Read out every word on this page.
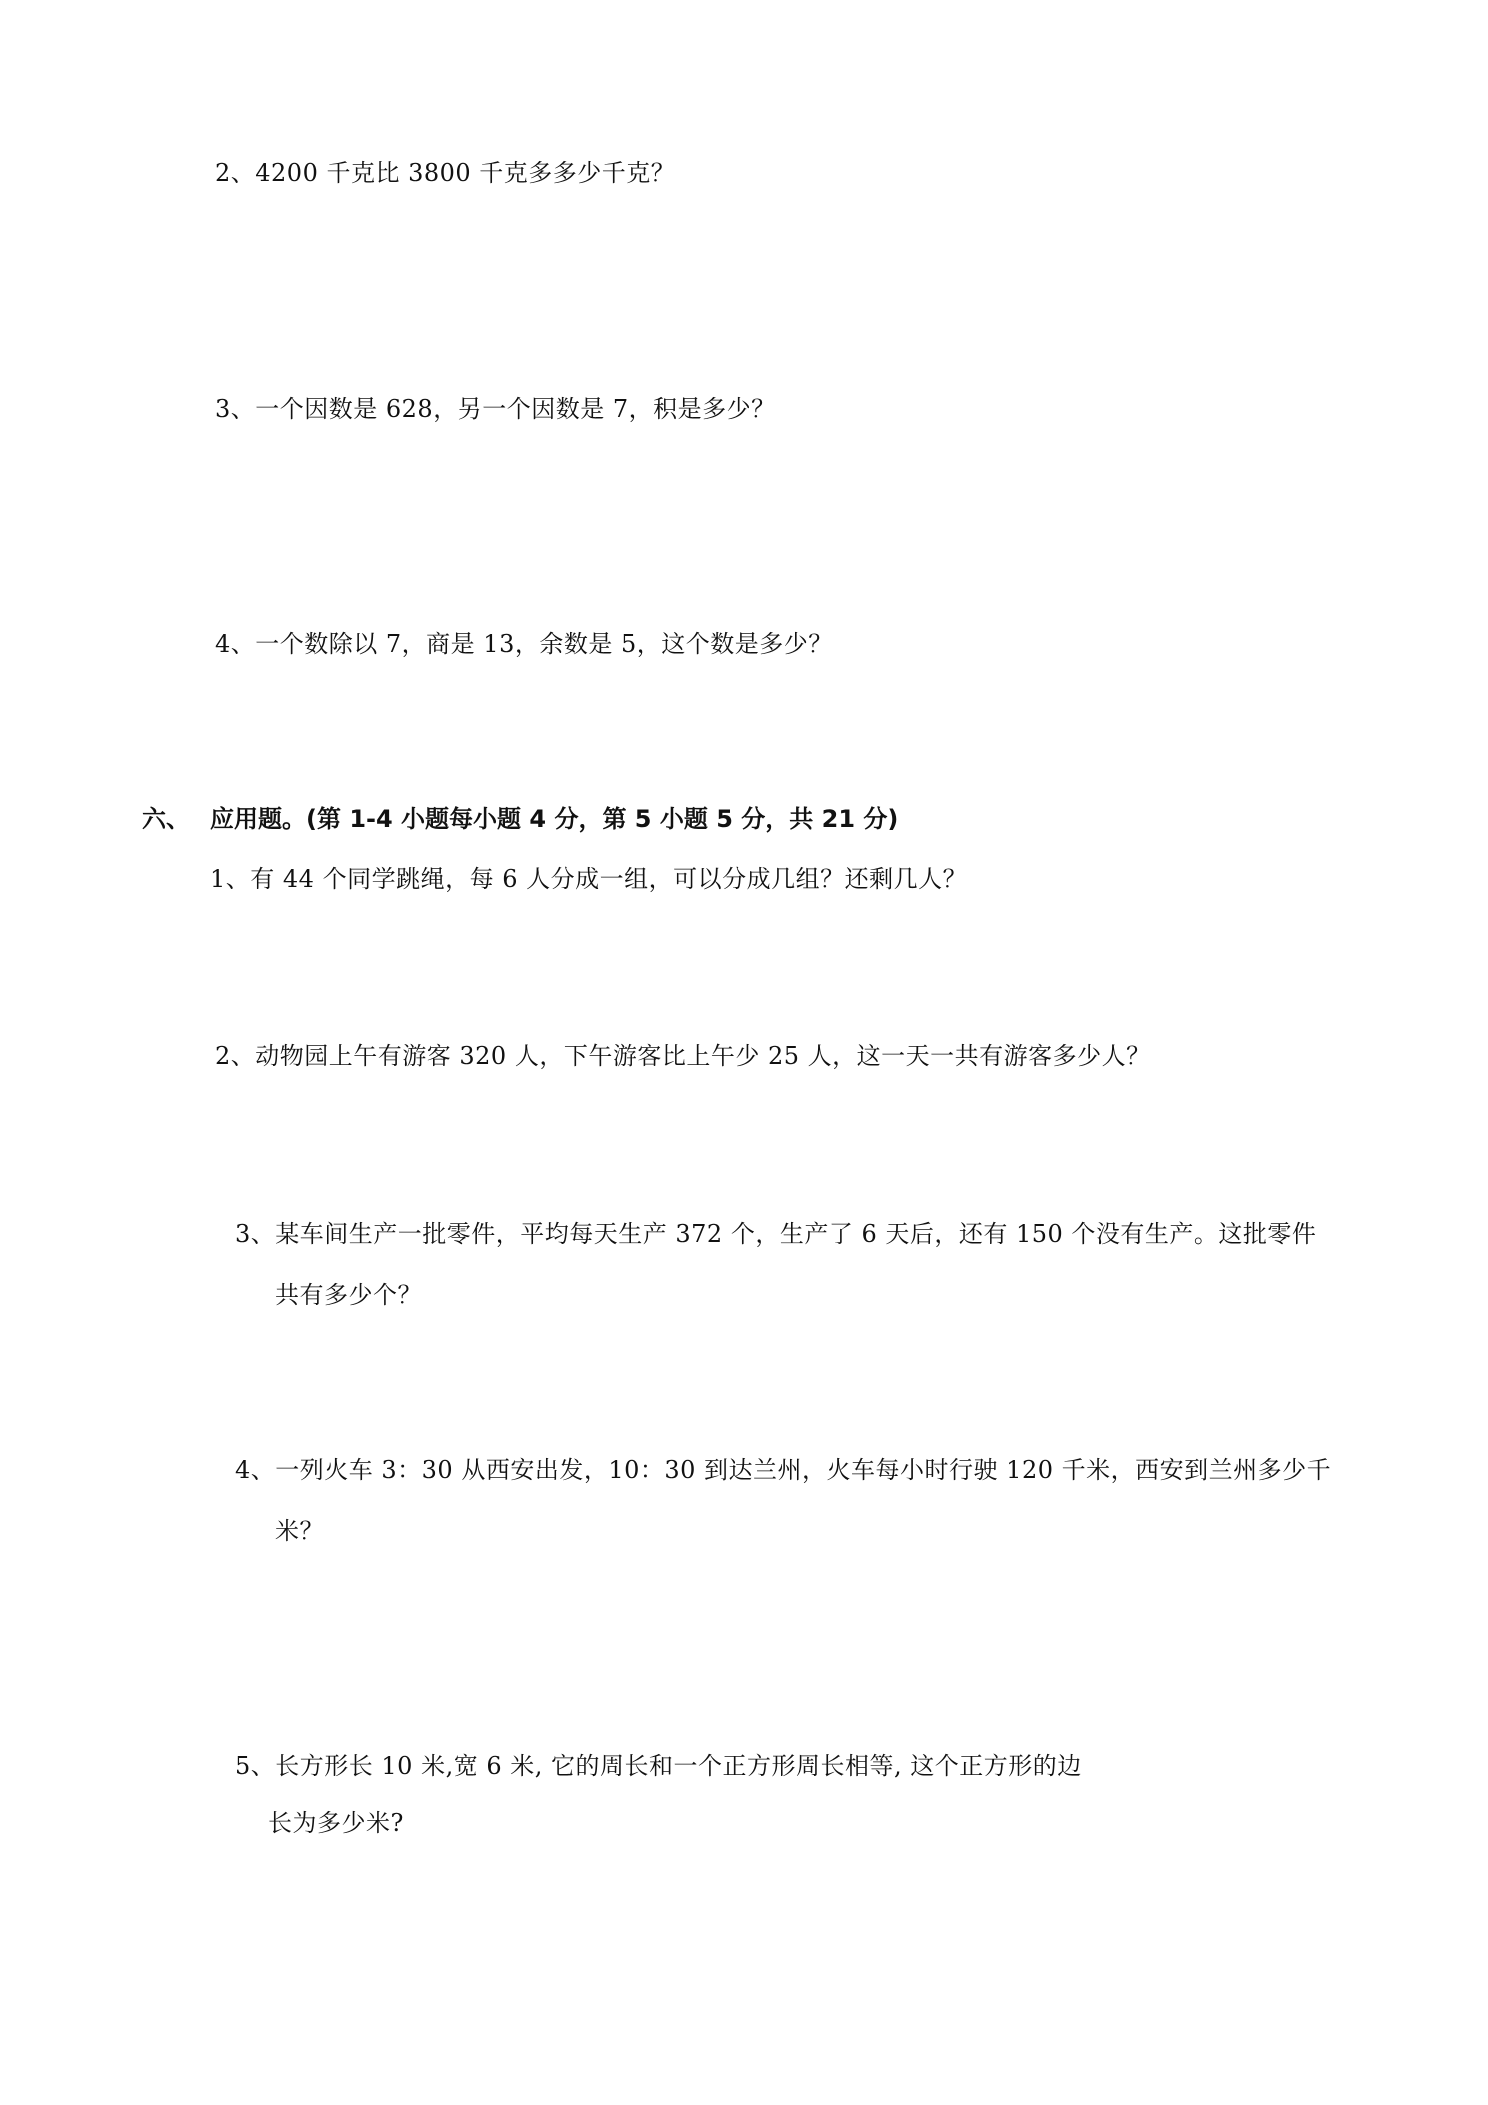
2、4200 千克比 3800 千克多多少千克？
3、一个因数是 628，另一个因数是 7，积是多少？
4、一个数除以 7，商是 13，余数是 5，这个数是多少？
六、 应用题。(第 1-4 小题每小题 4 分，第 5 小题 5 分，共 21 分)
1、有 44 个同学跳绳，每 6 人分成一组，可以分成几组？还剩几人？
2、动物园上午有游客 320 人，下午游客比上午少 25 人，这一天一共有游客多少人？
3、某车间生产一批零件，平均每天生产 372 个，生产了 6 天后，还有 150 个没有生产。这批零件
共有多少个？
4、一列火车 3：30 从西安出发，10：30 到达兰州，火车每小时行驶 120 千米，西安到兰州多少千
米？
5、长方形长 10 米,宽 6 米, 它的周长和一个正方形周长相等, 这个正方形的边
长为多少米?
